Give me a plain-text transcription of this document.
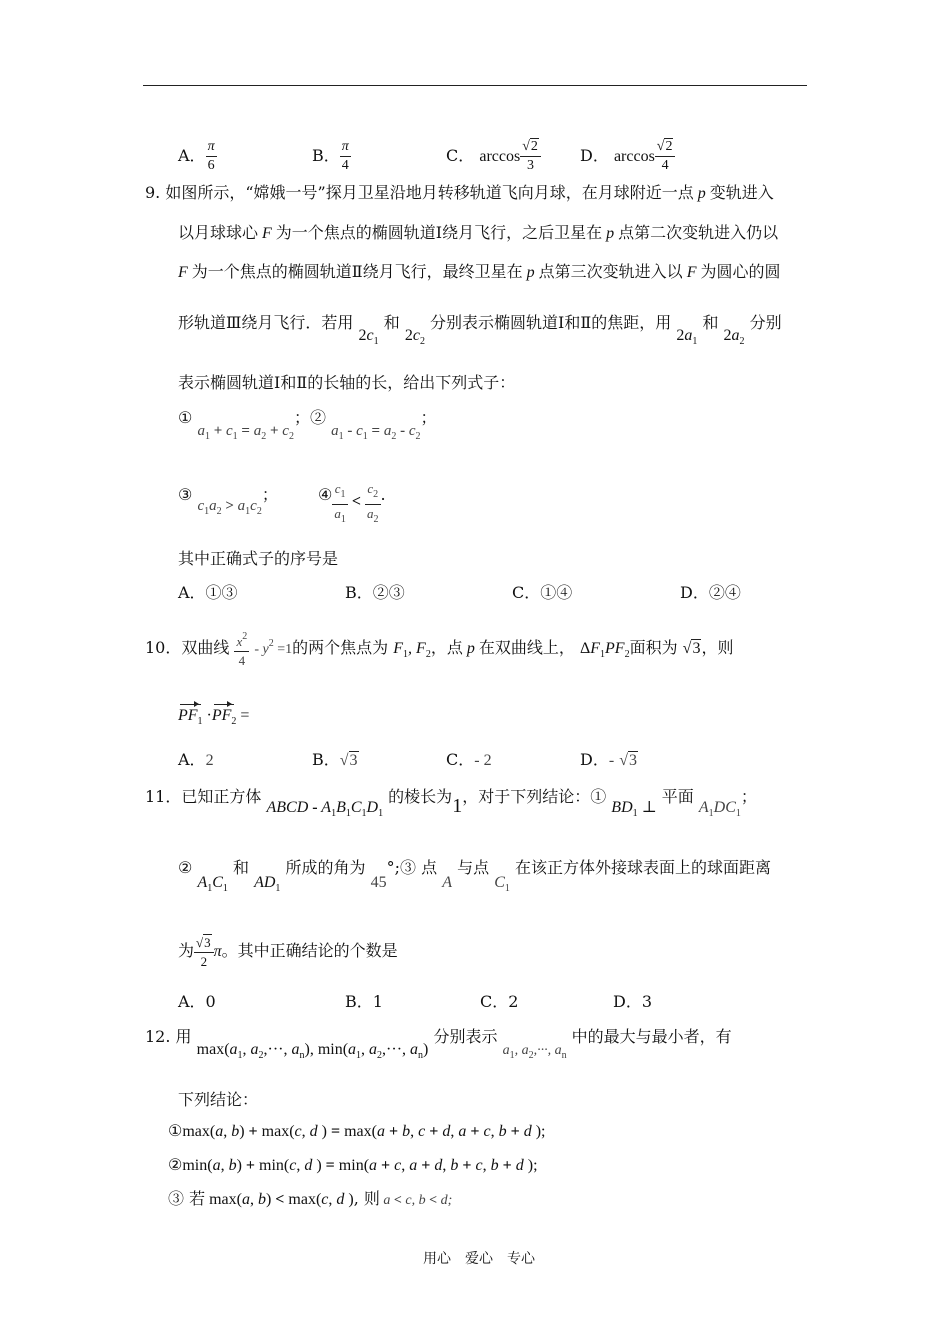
A． $\frac{\pi}{6}$	B． $\frac{\pi}{4}$	C． $\arccos \frac{√2}{3}$ D． $\arccos \frac{√2}{4}$
9. 如图所示，“嫦娥一号”探月卫星沿地月转移轨道飞向月球，在月球附近一点 p 变轨进入
以月球球心 F 为一个焦点的椭圆轨道Ⅰ绕月飞行，之后卫星在 p 点第二次变轨进入仍以
F 为一个焦点的椭圆轨道Ⅱ绕月飞行，最终卫星在 p 点第三次变轨进入以 F 为圆心的圆
形轨道Ⅲ绕月飞行．若用 $2c_1$ 和 $2c_2$ 分别表示椭圆轨道Ⅰ和Ⅱ的焦距，用 $2a_1$ 和 $2a_2$ 分别
表示椭圆轨道Ⅰ和Ⅱ的长轴的长，给出下列式子：
① $a_1 + c_1 = a_2 + c_2$；② $a_1 - c_1 = a_2 - c_2$；
③ $c_1a_2 > a_1c_2$；	④ $\frac{c_1}{a_1} < \frac{c_2}{a_2}$ .
其中正确式子的序号是
A．①③	B．②③	C．①④	D．②④
10．双曲线 $\frac{x^2}{4} - y^2 =1$的两个焦点为 $F_1$, $F_2$，点 p 在双曲线上， $\Delta F_1PF_2$面积为 √3，则
$PF_1 \cdot PF_2$ =
A．2	B．√3	C．- 2	D．- √3
11．已知正方体 ABCD - $A_1B_1C_1D_1$ 的棱长为1，对于下列结论：① $BD_1$ ⊥ 平面 $A_1DC_1$；
② $A_1C_1$ 和 $AD_1$ 所成的角为 45°;③ 点 A 与点 $C_1$ 在该正方体外接球表面上的球面距离
为 $\frac{√3}{2}$ π。其中正确结论的个数是
A．0	B．1	C．2	D．3
12. 用 $\max(a_1$, $a_2,\cdot\cdot\cdot$, $a_n$), $\min(a_1$, $a_2,\cdot\cdot\cdot$, $a_n$) 分别表示 $a_1$, $a_2,\cdot\cdot\cdot$, $a_n$ 中的最大与最小者，有
下列结论：
①max(a, b) + max(c, d ) = max(a + b, c + d, a + c, b + d );
②min(a, b) + min(c, d ) = min(a + c, a + d, b + c, b + d );
③ 若 max(a, b) < max(c, d ), 则 a < c, b < d;
用心　爱心　专心
